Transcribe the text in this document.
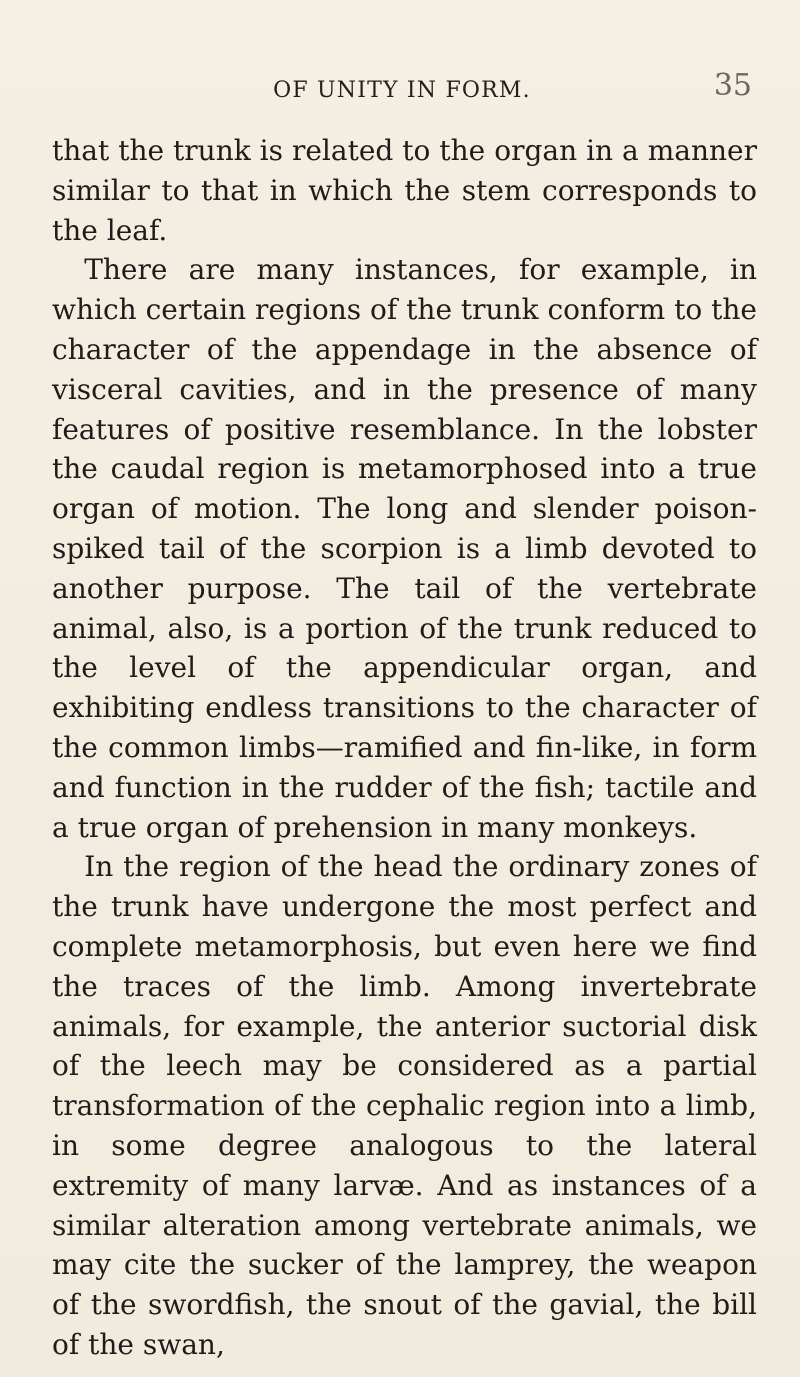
OF UNITY IN FORM.	35

that the trunk is related to the organ in a manner similar to that in which the stem corresponds to the leaf.

There are many instances, for example, in which certain regions of the trunk conform to the character of the appendage in the absence of visceral cavities, and in the presence of many features of positive resemblance. In the lobster the caudal region is metamorphosed into a true organ of motion. The long and slender poison-spiked tail of the scorpion is a limb devoted to another purpose. The tail of the vertebrate animal, also, is a portion of the trunk reduced to the level of the appendicular organ, and exhibiting endless transitions to the character of the common limbs—ramified and fin-like, in form and function in the rudder of the fish; tactile and a true organ of prehension in many monkeys.

In the region of the head the ordinary zones of the trunk have undergone the most perfect and complete metamorphosis, but even here we find the traces of the limb. Among invertebrate animals, for example, the anterior suctorial disk of the leech may be considered as a partial transformation of the cephalic region into a limb, in some degree analogous to the lateral extremity of many larvæ. And as instances of a similar alteration among vertebrate animals, we may cite the sucker of the lamprey, the weapon of the swordfish, the snout of the gavial, the bill of the swan,
